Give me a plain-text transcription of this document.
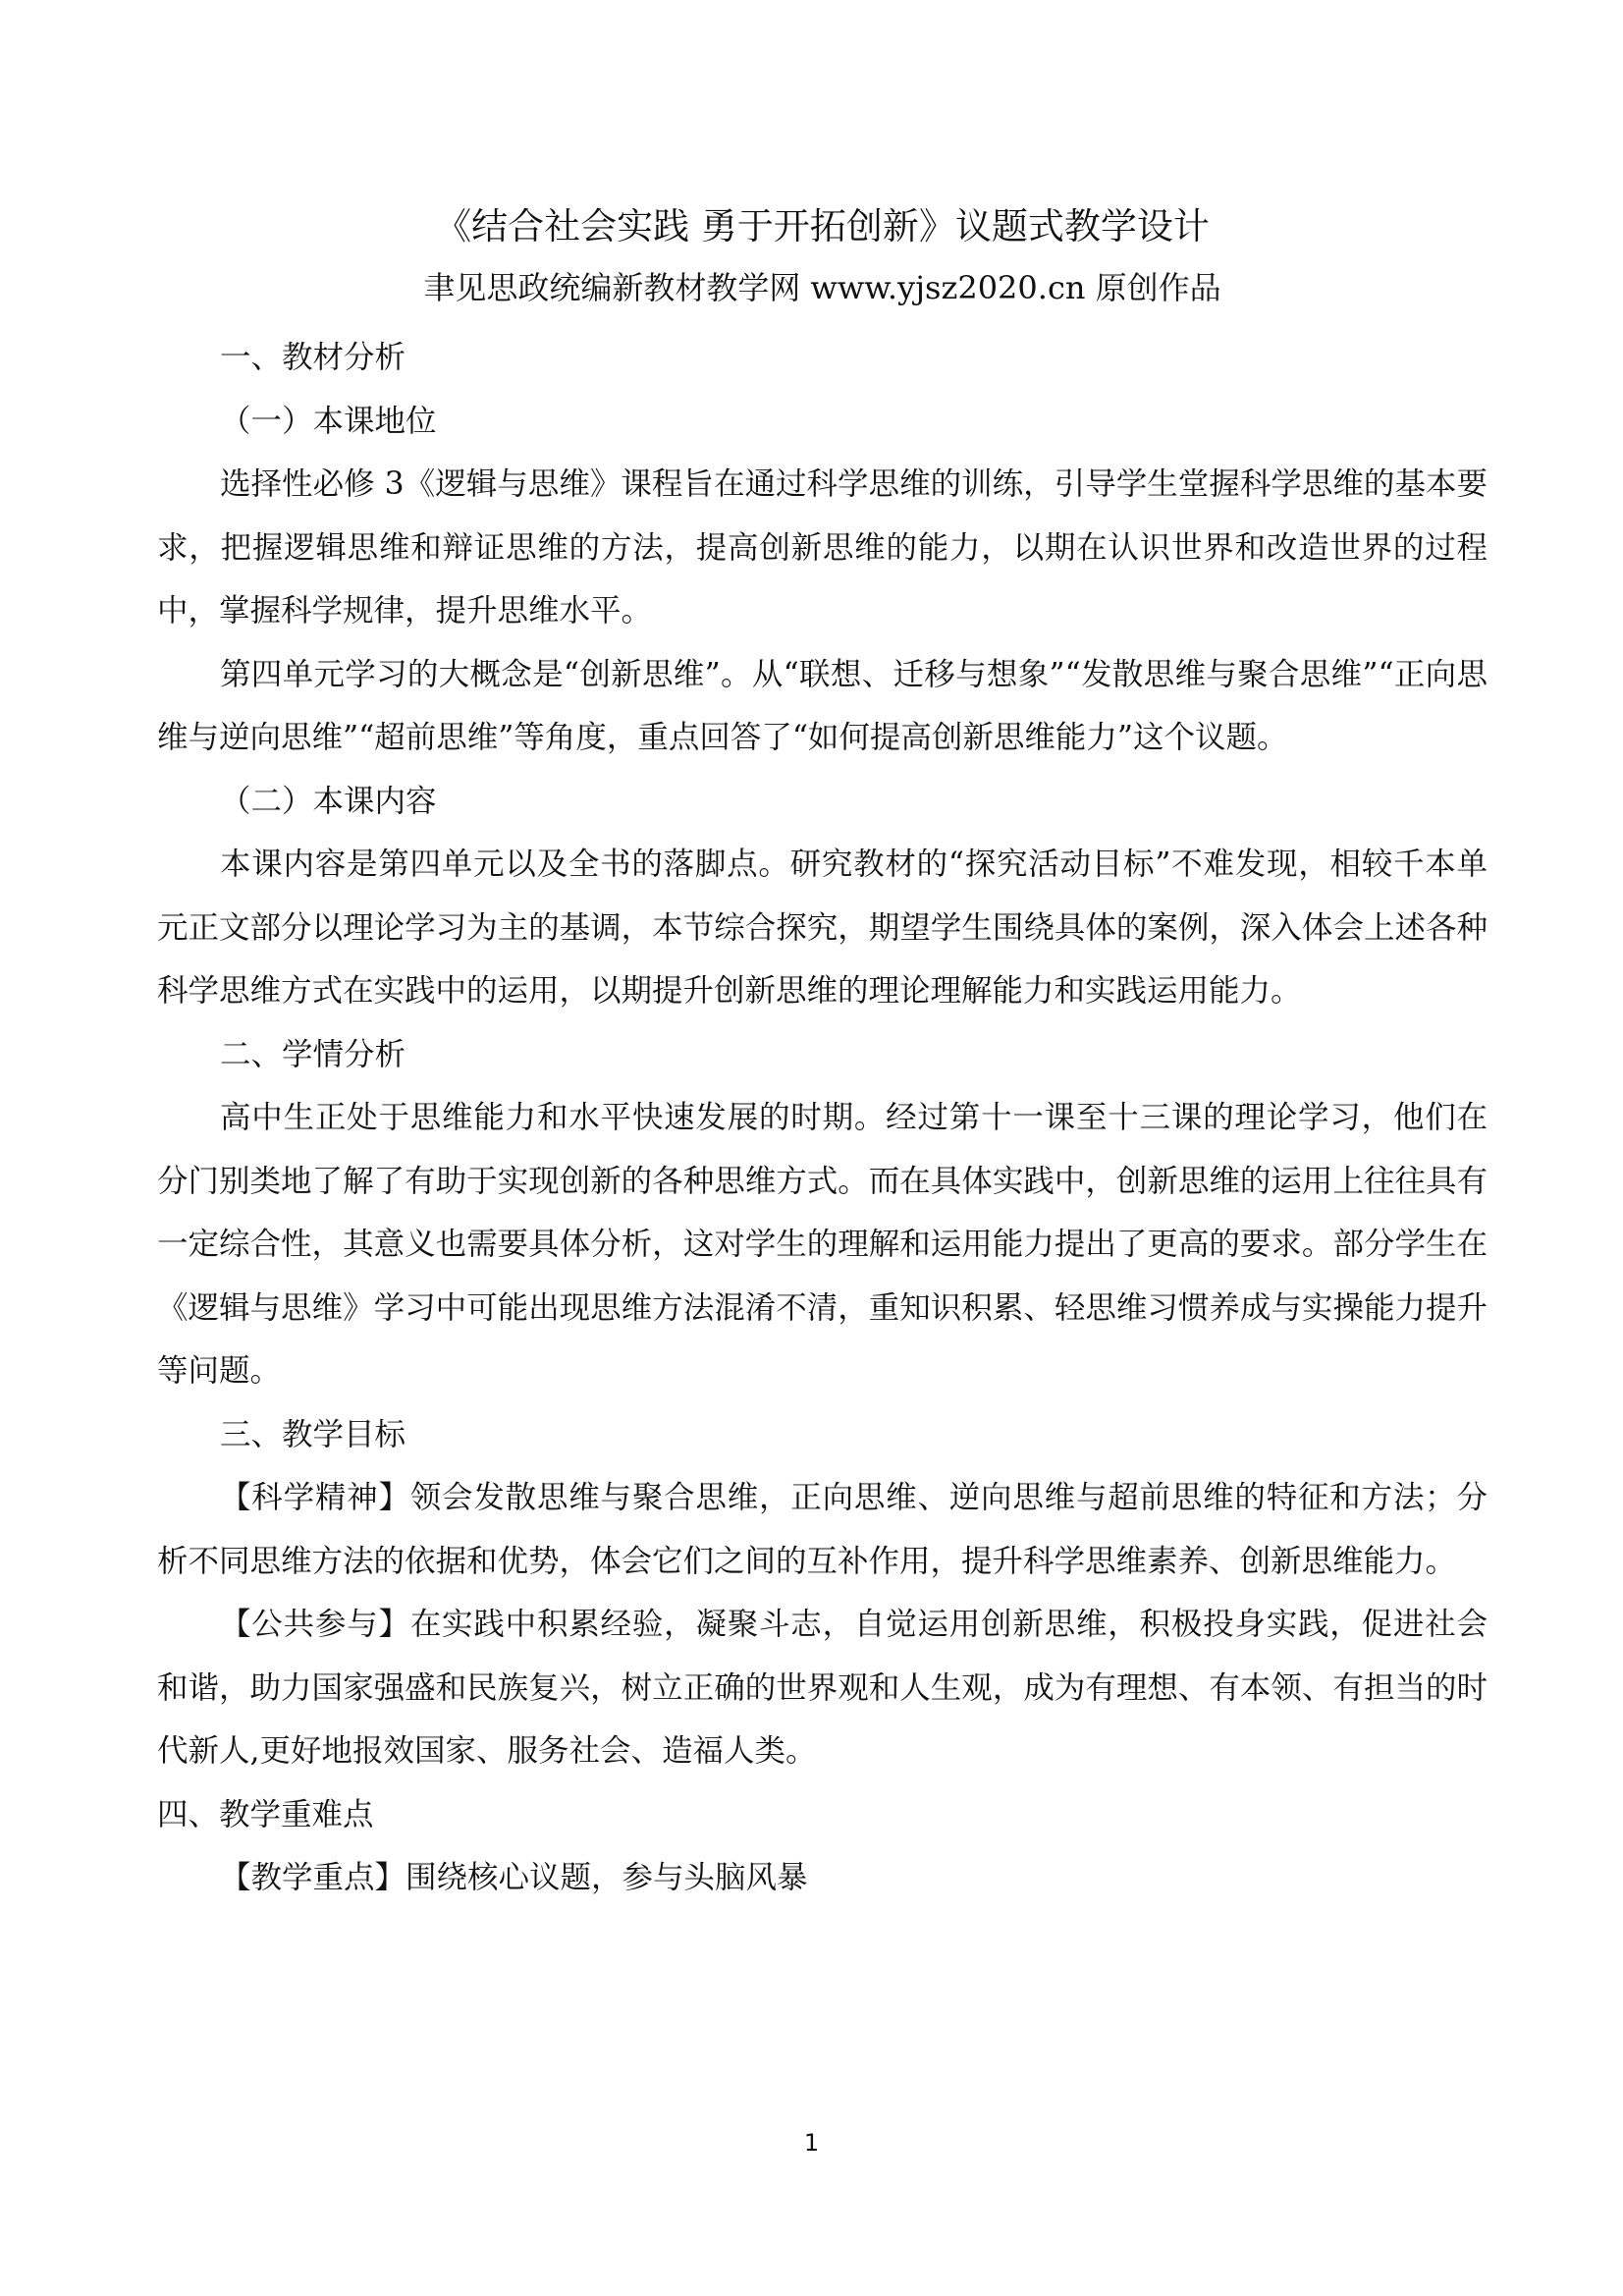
《结合社会实践 勇于开拓创新》议题式教学设计

聿见思政统编新教材教学网 www.yjsz2020.cn 原创作品

一、教材分析

（一）本课地位

选择性必修 3《逻辑与思维》课程旨在通过科学思维的训练，引导学生堂握科学思维的基本要求，把握逻辑思维和辩证思维的方法，提高创新思维的能力，以期在认识世界和改造世界的过程中，掌握科学规律，提升思维水平。

第四单元学习的大概念是“创新思维”。从“联想、迁移与想象”“发散思维与聚合思维”“正向思维与逆向思维”“超前思维”等角度，重点回答了“如何提高创新思维能力”这个议题。

（二）本课内容

本课内容是第四单元以及全书的落脚点。研究教材的“探究活动目标”不难发现，相较千本单元正文部分以理论学习为主的基调，本节综合探究，期望学生围绕具体的案例，深入体会上述各种科学思维方式在实践中的运用，以期提升创新思维的理论理解能力和实践运用能力。

二、学情分析

高中生正处于思维能力和水平快速发展的时期。经过第十一课至十三课的理论学习，他们在分门别类地了解了有助于实现创新的各种思维方式。而在具体实践中，创新思维的运用上往往具有一定综合性，其意义也需要具体分析，这对学生的理解和运用能力提出了更高的要求。部分学生在《逻辑与思维》学习中可能出现思维方法混淆不清，重知识积累、轻思维习惯养成与实操能力提升等问题。

三、教学目标

【科学精神】领会发散思维与聚合思维，正向思维、逆向思维与超前思维的特征和方法；分析不同思维方法的依据和优势，体会它们之间的互补作用，提升科学思维素养、创新思维能力。

【公共参与】在实践中积累经验，凝聚斗志，自觉运用创新思维，积极投身实践，促进社会和谐，助力国家强盛和民族复兴，树立正确的世界观和人生观，成为有理想、有本领、有担当的时代新人,更好地报效国家、服务社会、造福人类。

四、教学重难点

【教学重点】围绕核心议题，参与头脑风暴

1
